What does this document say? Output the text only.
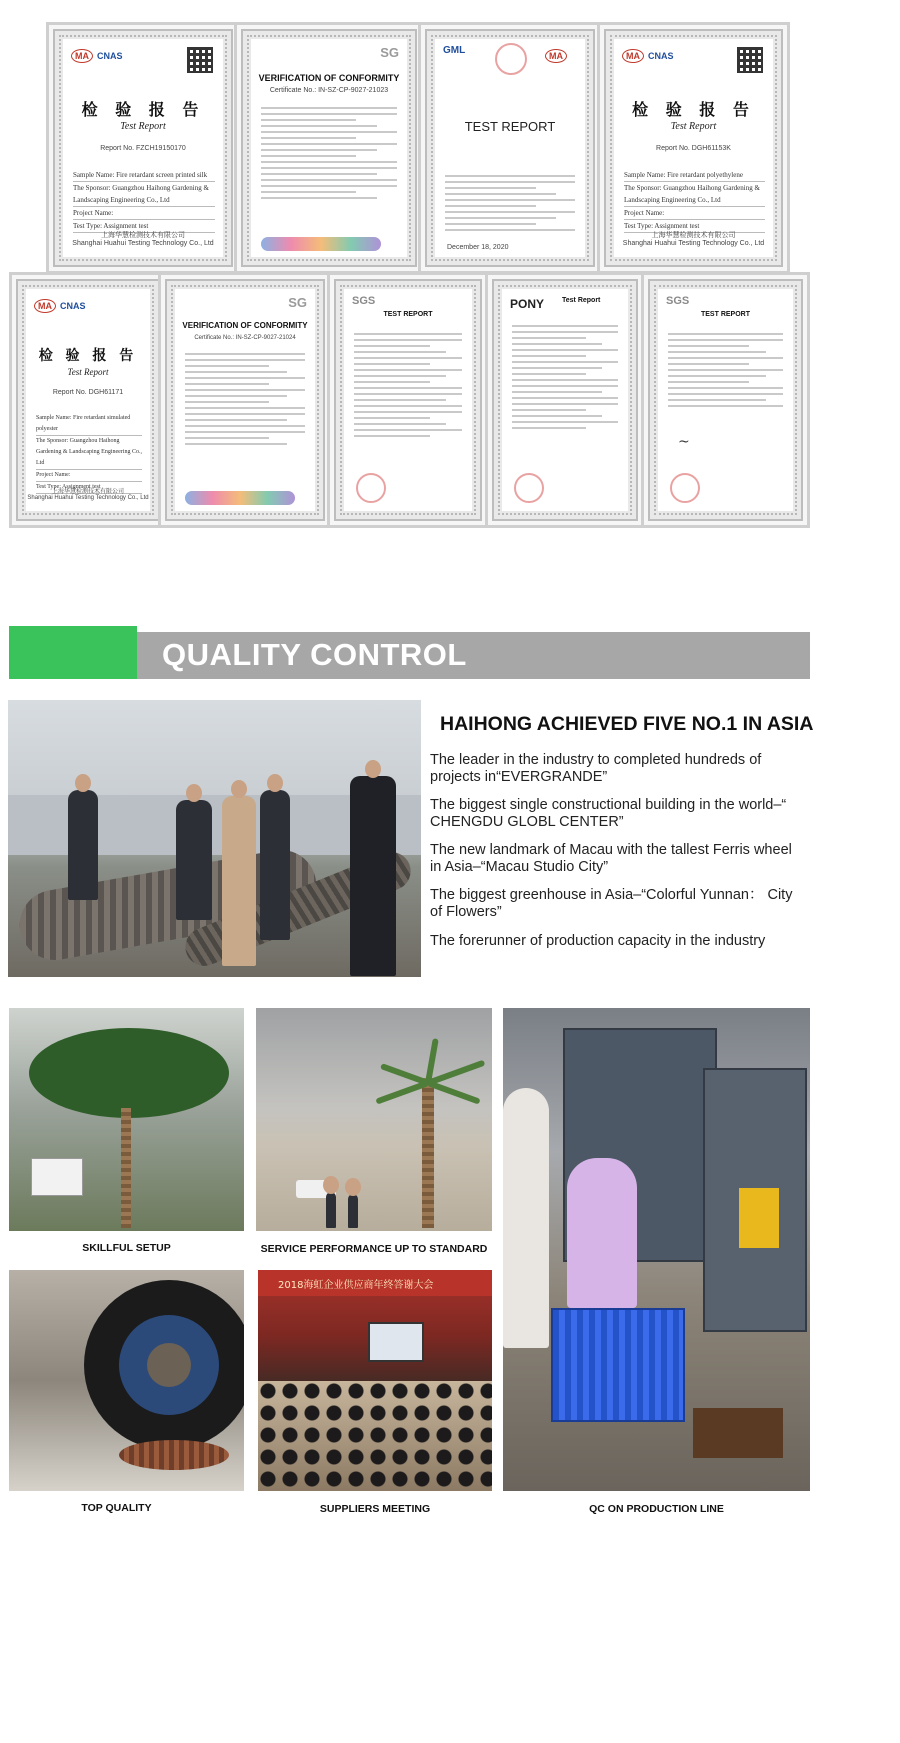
MA CNAS
检 验 报 告
Test Report
Report No. FZCH19150170
Sample Name: Fire retardant screen printed silk
The Sponsor: Guangzhou Haihong Gardening & Landscaping Engineering Co., Ltd
Project Name:
Test Type: Assignment test
上海华慧检测技术有限公司
Shanghai Huahui Testing Technology Co., Ltd
SG
VERIFICATION OF CONFORMITY
Certificate No.: IN-SZ-CP-9027-21023
GML	MA
TEST REPORT
December 18, 2020
MA CNAS
检 验 报 告
Test Report
Report No. DGH61153K
Sample Name: Fire retardant polyethylene
The Sponsor: Guangzhou Haihong Gardening & Landscaping Engineering Co., Ltd
Project Name:
Test Type: Assignment test
上海华慧检测技术有限公司
Shanghai Huahui Testing Technology Co., Ltd
MA CNAS
检 验 报 告
Test Report
Report No. DGH61171
Sample Name: Fire retardant simulated polyester
The Sponsor: Guangzhou Haihong Gardening & Landscaping Engineering Co., Ltd
Project Name:
Test Type: Assignment test
上海华慧检测技术有限公司
Shanghai Huahui Testing Technology Co., Ltd
SG
VERIFICATION OF CONFORMITY
Certificate No.: IN-SZ-CP-9027-21024
SGS
TEST REPORT
PONY	Test Report	SGS
TEST REPORT
~
QUALITY CONTROL
HAIHONG ACHIEVED FIVE NO.1 IN ASIA
The leader in the industry to completed hundreds of projects in“EVERGRANDE”
The biggest single constructional building in the world–“ CHENGDU GLOBL CENTER”
The new landmark of Macau with the tallest Ferris wheel in Asia–“Macau Studio City”
The biggest greenhouse in Asia–“Colorful Yunnan： City of Flowers”
The forerunner of production capacity in the industry
SKILLFUL SETUP	SERVICE PERFORMANCE UP TO STANDARD
TOP QUALITY
2018海虹企业供应商年终答谢大会
SUPPLIERS MEETING	QC ON PRODUCTION LINE
